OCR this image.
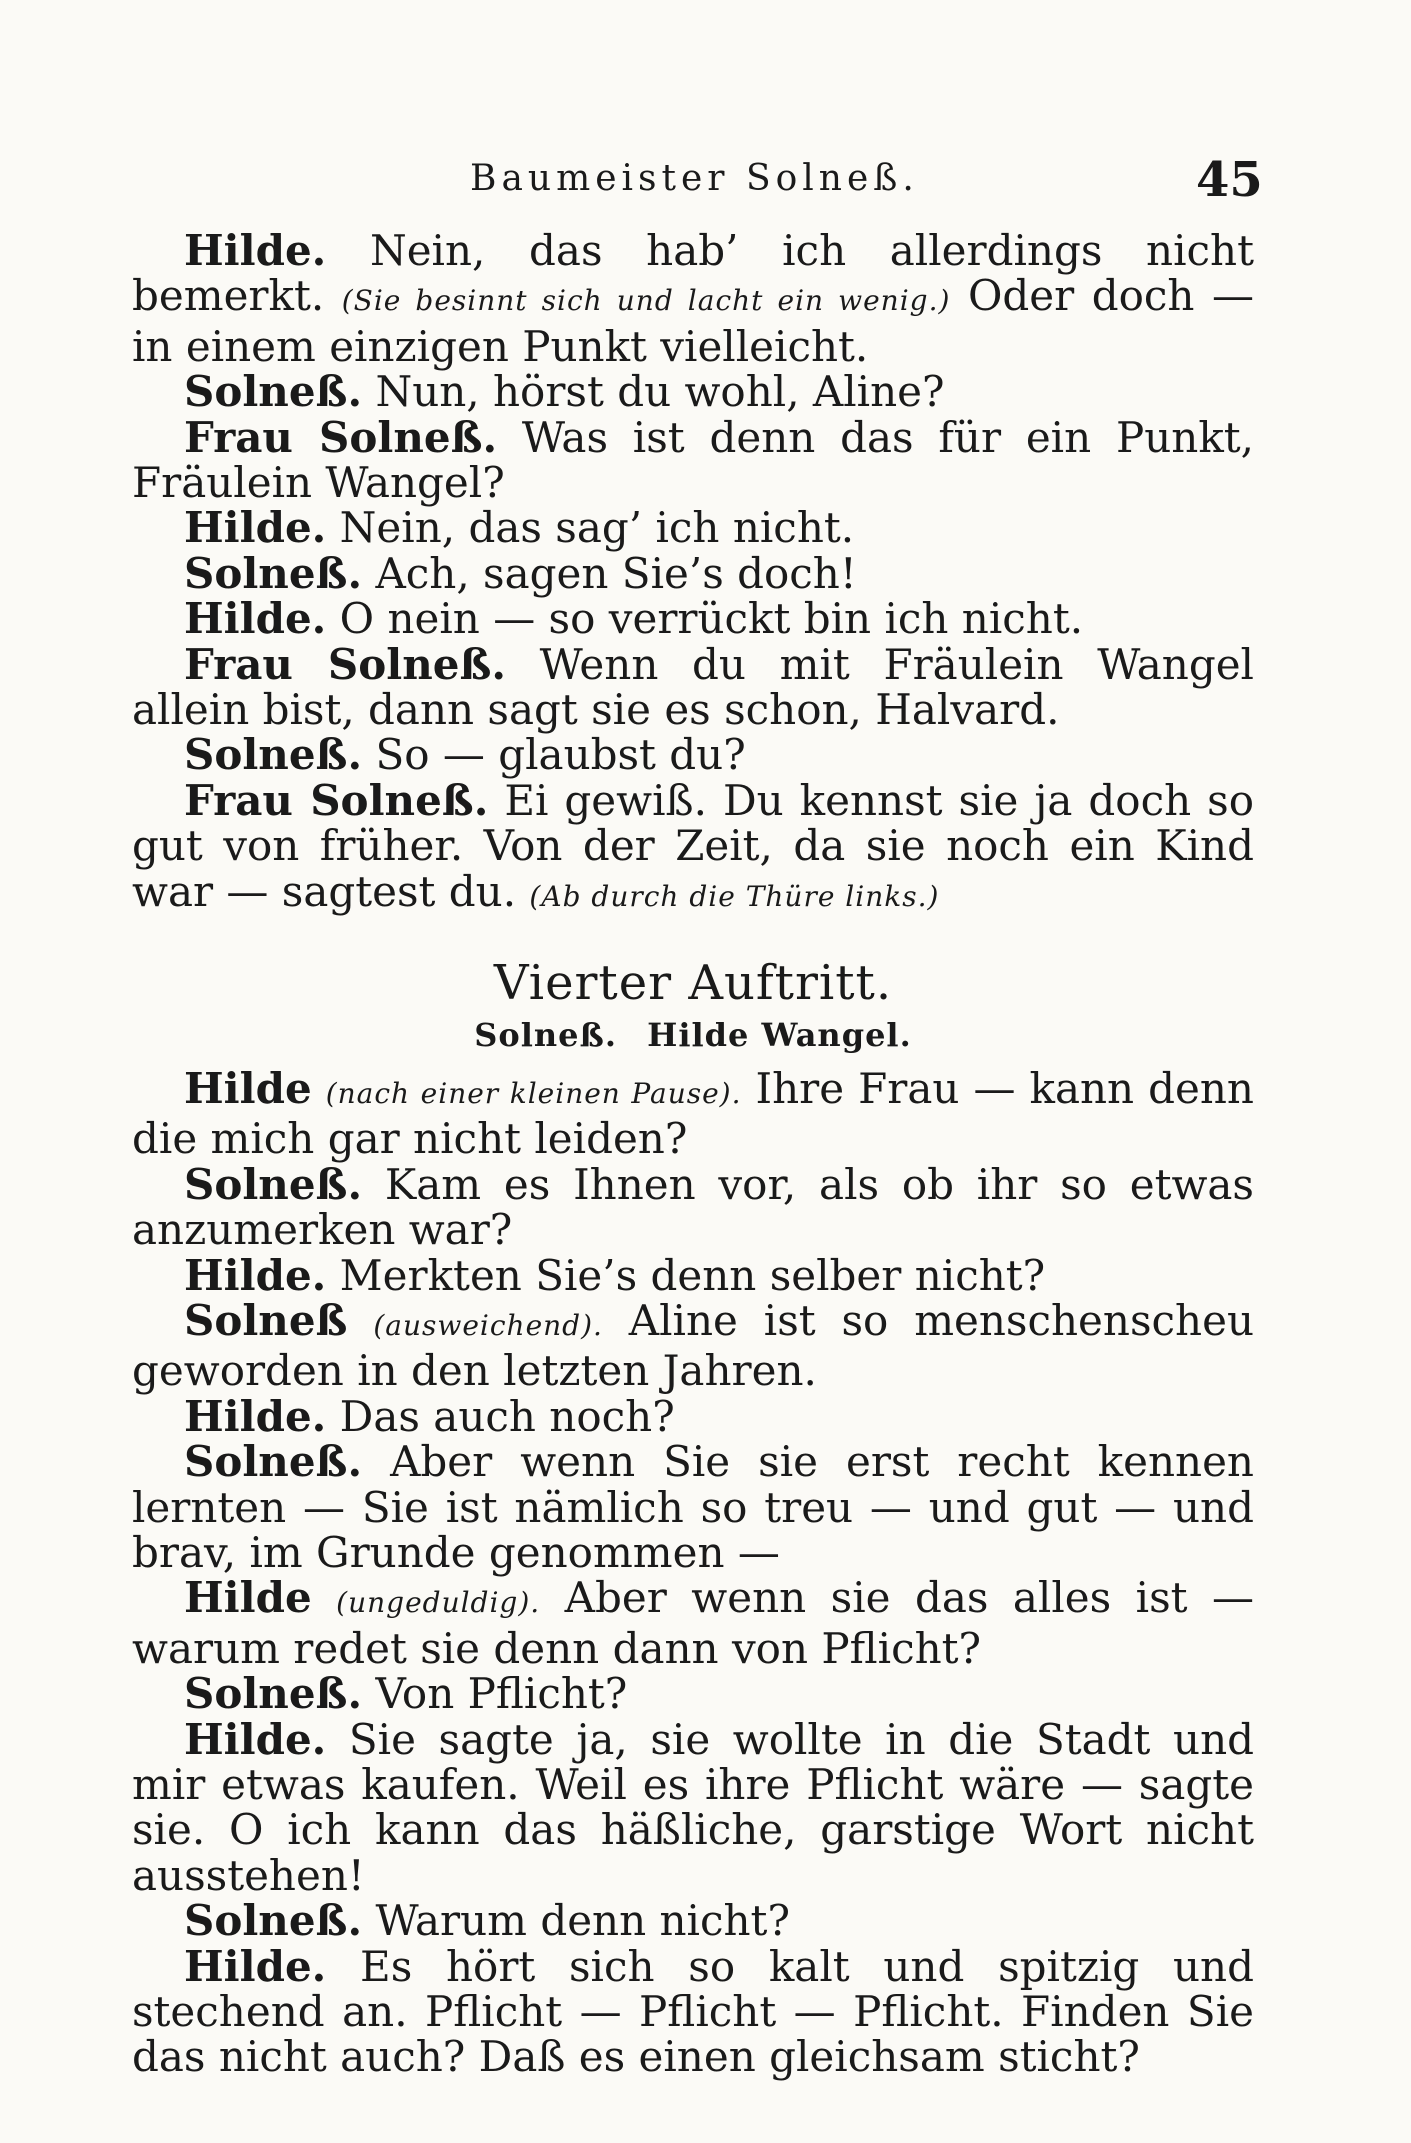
Baumeister Solneß.	45

Hilde. Nein, das hab’ ich allerdings nicht bemerkt. (Sie besinnt sich und lacht ein wenig.) Oder doch — in einem einzigen Punkt vielleicht.

Solneß. Nun, hörst du wohl, Aline?

Frau Solneß. Was ist denn das für ein Punkt, Fräulein Wangel?

Hilde. Nein, das sag’ ich nicht.

Solneß. Ach, sagen Sie’s doch!

Hilde. O nein — so verrückt bin ich nicht.

Frau Solneß. Wenn du mit Fräulein Wangel allein bist, dann sagt sie es schon, Halvard.

Solneß. So — glaubst du?

Frau Solneß. Ei gewiß. Du kennst sie ja doch so gut von früher. Von der Zeit, da sie noch ein Kind war — sagtest du. (Ab durch die Thüre links.)

Vierter Auftritt.
Solneß. Hilde Wangel.

Hilde (nach einer kleinen Pause). Ihre Frau — kann denn die mich gar nicht leiden?

Solneß. Kam es Ihnen vor, als ob ihr so etwas anzumerken war?

Hilde. Merkten Sie’s denn selber nicht?

Solneß (ausweichend). Aline ist so menschenscheu geworden in den letzten Jahren.

Hilde. Das auch noch?

Solneß. Aber wenn Sie sie erst recht kennen lernten — Sie ist nämlich so treu — und gut — und brav, im Grunde genommen —

Hilde (ungeduldig). Aber wenn sie das alles ist — warum redet sie denn dann von Pflicht?

Solneß. Von Pflicht?

Hilde. Sie sagte ja, sie wollte in die Stadt und mir etwas kaufen. Weil es ihre Pflicht wäre — sagte sie. O ich kann das häßliche, garstige Wort nicht ausstehen!

Solneß. Warum denn nicht?

Hilde. Es hört sich so kalt und spitzig und stechend an. Pflicht — Pflicht — Pflicht. Finden Sie das nicht auch? Daß es einen gleichsam sticht?
